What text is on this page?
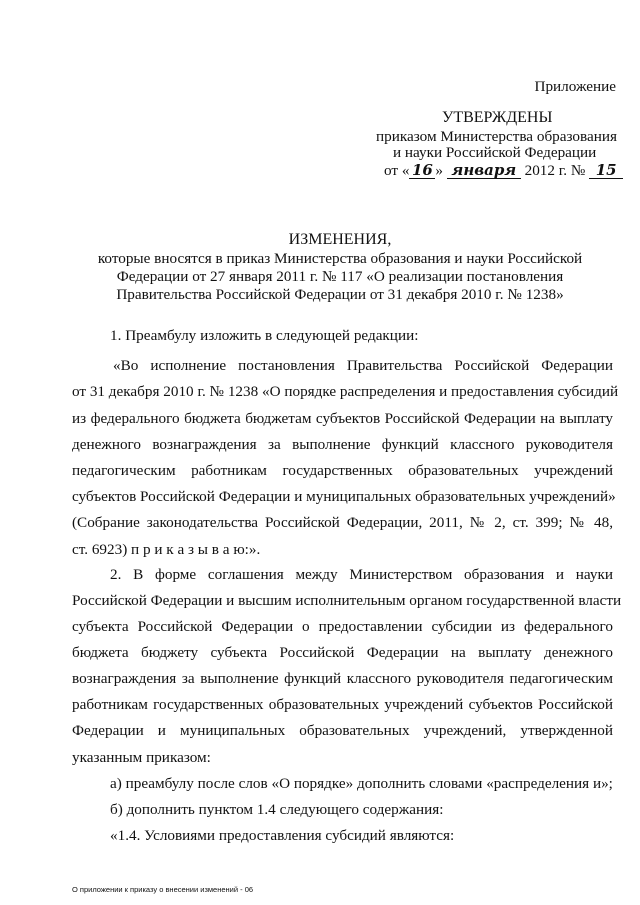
Приложение
УТВЕРЖДЕНЫ
приказом Министерства образования
и науки Российской Федерации
от « 16 » января 2012 г. № 15
ИЗМЕНЕНИЯ,
которые вносятся в приказ Министерства образования и науки Российской
Федерации от 27 января 2011 г. № 117 «О реализации постановления
Правительства Российской Федерации от 31 декабря 2010 г. № 1238»
1. Преамбулу изложить в следующей редакции:
«Во исполнение постановления Правительства Российской Федерации
от 31 декабря 2010 г. № 1238 «О порядке распределения и предоставления субсидий
из федерального бюджета бюджетам субъектов Российской Федерации на выплату
денежного вознаграждения за выполнение функций классного руководителя
педагогическим работникам государственных образовательных учреждений
субъектов Российской Федерации и муниципальных образовательных учреждений»
(Собрание законодательства Российской Федерации, 2011, № 2, ст. 399; № 48,
ст. 6923) п р и к а з ы в а ю:».
2. В форме соглашения между Министерством образования и науки
Российской Федерации и высшим исполнительным органом государственной власти
субъекта Российской Федерации о предоставлении субсидии из федерального
бюджета бюджету субъекта Российской Федерации на выплату денежного
вознаграждения за выполнение функций классного руководителя педагогическим
работникам государственных образовательных учреждений субъектов Российской
Федерации и муниципальных образовательных учреждений, утвержденной
указанным приказом:
а) преамбулу после слов «О порядке» дополнить словами «распределения и»;
б) дополнить пунктом 1.4 следующего содержания:
«1.4. Условиями предоставления субсидий являются:
О приложении к приказу о внесении изменений - 06
